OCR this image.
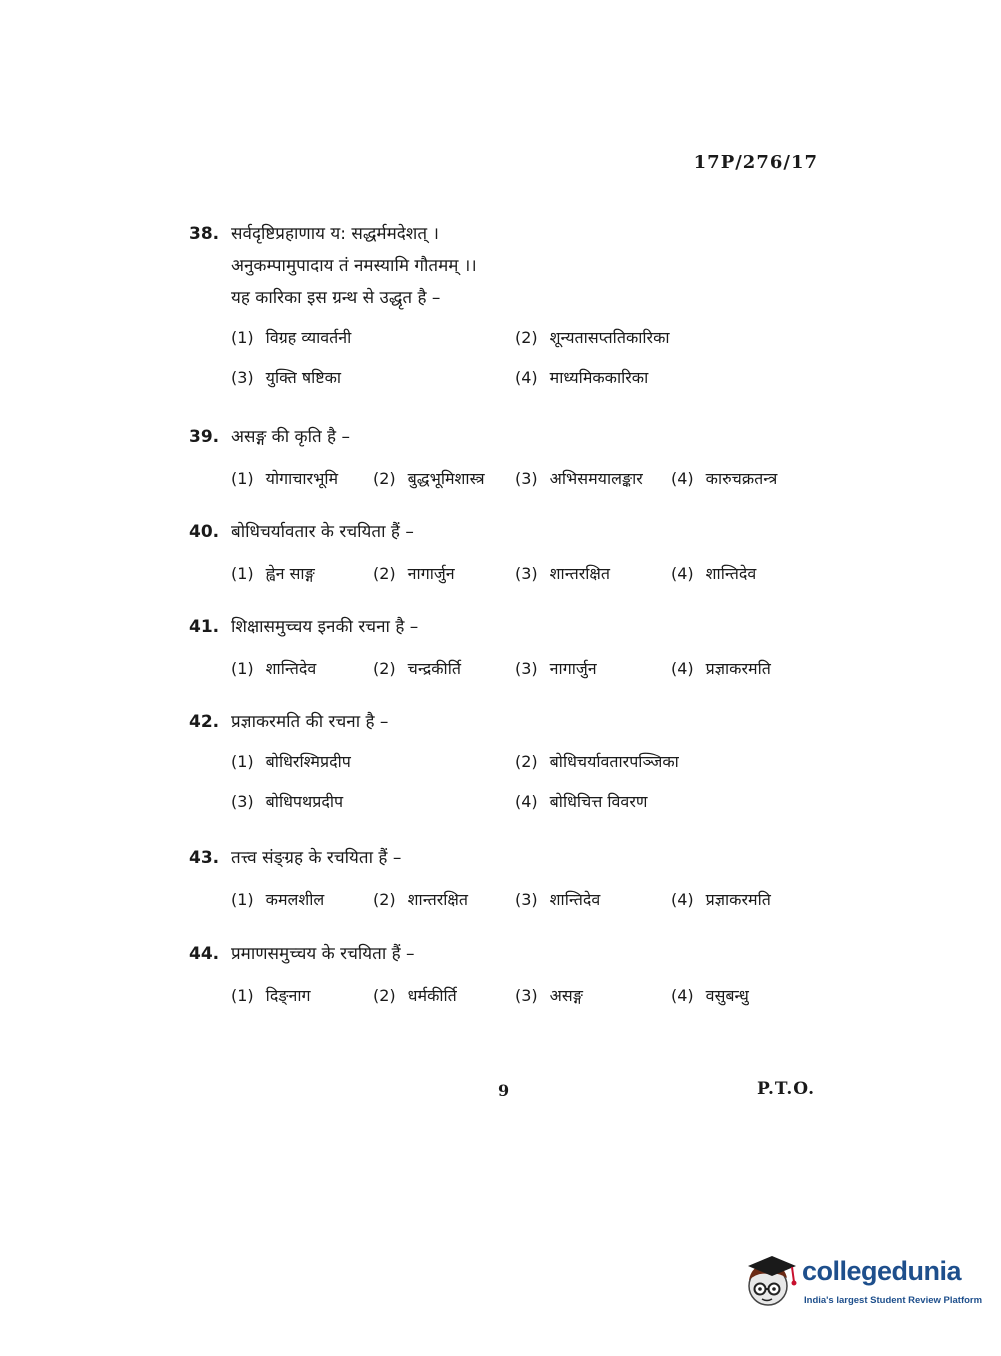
17P/276/17
38. सर्वदृष्टिप्रहाणाय य: सद्धर्ममदेशत् ।
अनुकम्पामुपादाय तं नमस्यामि गौतमम् ।।
यह कारिका इस ग्रन्थ से उद्धृत है –
(1) विग्रह व्यावर्तनी	(2) शून्यतासप्ततिकारिका
(3) युक्ति षष्टिका	(4) माध्यमिककारिका
39. असङ्ग की कृति है –
(1) योगाचारभूमि	(2) बुद्धभूमिशास्त्र	(3) अभिसमयालङ्कार	(4) कारुचक्रतन्त्र
40. बोधिचर्यावतार के रचयिता हैं –
(1) ह्वेन साङ्ग	(2) नागार्जुन	(3) शान्तरक्षित	(4) शान्तिदेव
41. शिक्षासमुच्चय इनकी रचना है –
(1) शान्तिदेव	(2) चन्द्रकीर्ति	(3) नागार्जुन	(4) प्रज्ञाकरमति
42. प्रज्ञाकरमति की रचना है –
(1) बोधिरश्मिप्रदीप	(2) बोधिचर्यावतारपञ्जिका
(3) बोधिपथप्रदीप	(4) बोधिचित्त विवरण
43. तत्त्व संङ्ग्रह के रचयिता हैं –
(1) कमलशील	(2) शान्तरक्षित	(3) शान्तिदेव	(4) प्रज्ञाकरमति
44. प्रमाणसमुच्चय के रचयिता हैं –
(1) दिङ्नाग	(2) धर्मकीर्ति	(3) असङ्ग	(4) वसुबन्धु
9	P.T.O.
collegedunia
India's largest Student Review Platform
